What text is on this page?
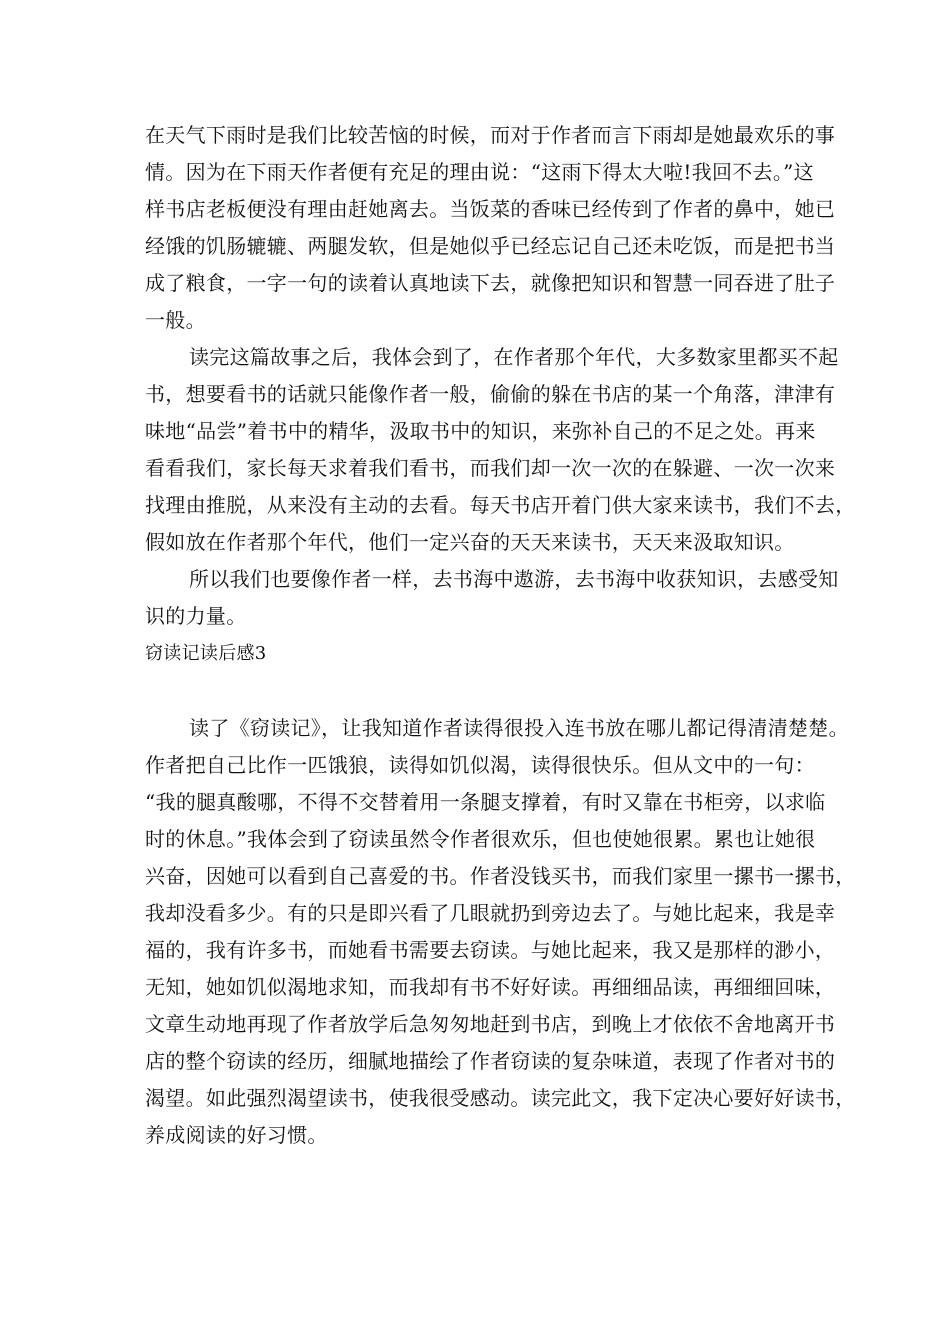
在天气下雨时是我们比较苦恼的时候，而对于作者而言下雨却是她最欢乐的事
情。因为在下雨天作者便有充足的理由说：“这雨下得太大啦!我回不去。”这
样书店老板便没有理由赶她离去。当饭菜的香味已经传到了作者的鼻中，她已
经饿的饥肠辘辘、两腿发软，但是她似乎已经忘记自己还未吃饭，而是把书当
成了粮食，一字一句的读着认真地读下去，就像把知识和智慧一同吞进了肚子
一般。
读完这篇故事之后，我体会到了，在作者那个年代，大多数家里都买不起
书，想要看书的话就只能像作者一般，偷偷的躲在书店的某一个角落，津津有
味地“品尝”着书中的精华，汲取书中的知识，来弥补自己的不足之处。再来
看看我们，家长每天求着我们看书，而我们却一次一次的在躲避、一次一次来
找理由推脱，从来没有主动的去看。每天书店开着门供大家来读书，我们不去，
假如放在作者那个年代，他们一定兴奋的天天来读书，天天来汲取知识。
所以我们也要像作者一样，去书海中遨游，去书海中收获知识，去感受知
识的力量。
窃读记读后感3
读了《窃读记》，让我知道作者读得很投入连书放在哪儿都记得清清楚楚。
作者把自己比作一匹饿狼，读得如饥似渴，读得很快乐。但从文中的一句：
“我的腿真酸哪，不得不交替着用一条腿支撑着，有时又靠在书柜旁，以求临
时的休息。”我体会到了窃读虽然令作者很欢乐，但也使她很累。累也让她很
兴奋，因她可以看到自己喜爱的书。作者没钱买书，而我们家里一摞书一摞书，
我却没看多少。有的只是即兴看了几眼就扔到旁边去了。与她比起来，我是幸
福的，我有许多书，而她看书需要去窃读。与她比起来，我又是那样的渺小，
无知，她如饥似渴地求知，而我却有书不好好读。再细细品读，再细细回味，
文章生动地再现了作者放学后急匆匆地赶到书店，到晚上才依依不舍地离开书
店的整个窃读的经历，细腻地描绘了作者窃读的复杂味道，表现了作者对书的
渴望。如此强烈渴望读书，使我很受感动。读完此文，我下定决心要好好读书，
养成阅读的好习惯。
